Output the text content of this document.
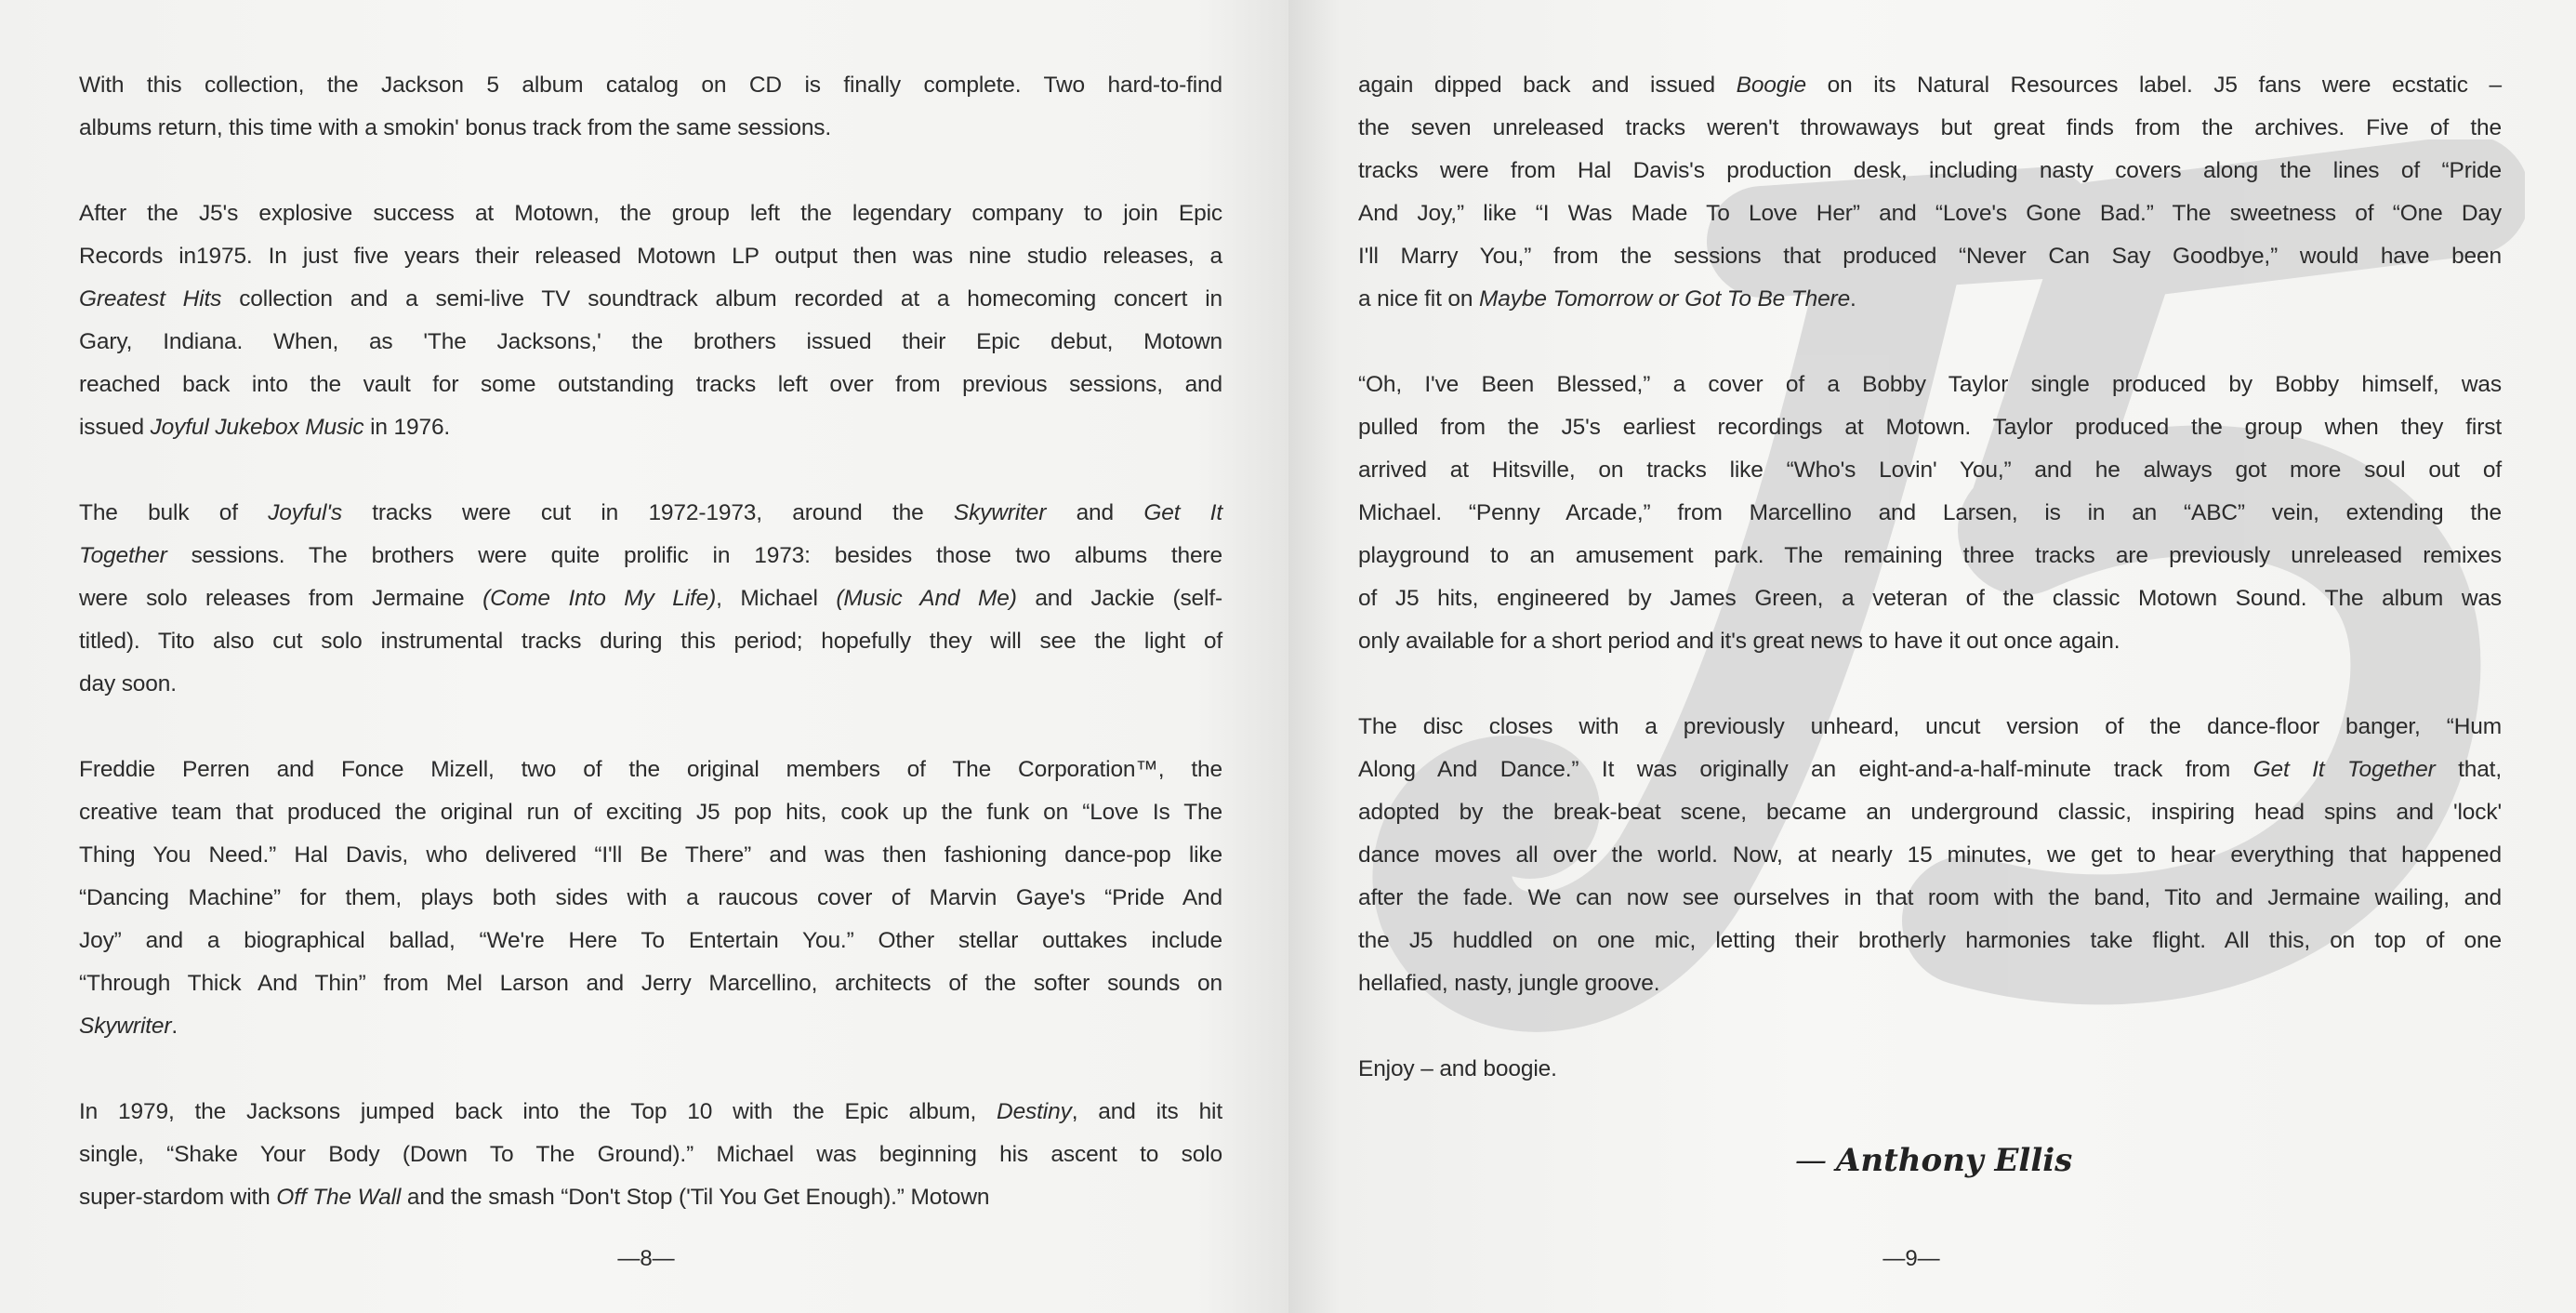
With this collection, the Jackson 5 album catalog on CD is finally complete. Two hard-to-find
albums return, this time with a smokin' bonus track from the same sessions.
After the J5's explosive success at Motown, the group left the legendary company to join Epic
Records in1975. In just five years their released Motown LP output then was nine studio releases, a
Greatest Hits collection and a semi-live TV soundtrack album recorded at a homecoming concert in
Gary, Indiana. When, as 'The Jacksons,' the brothers issued their Epic debut, Motown
reached back into the vault for some outstanding tracks left over from previous sessions, and
issued Joyful Jukebox Music in 1976.
The bulk of Joyful's tracks were cut in 1972-1973, around the Skywriter and Get It
Together sessions. The brothers were quite prolific in 1973: besides those two albums there
were solo releases from Jermaine (Come Into My Life), Michael (Music And Me) and Jackie (self-
titled). Tito also cut solo instrumental tracks during this period; hopefully they will see the light of
day soon.
Freddie Perren and Fonce Mizell, two of the original members of The Corporation™, the
creative team that produced the original run of exciting J5 pop hits, cook up the funk on “Love Is The
Thing You Need.” Hal Davis, who delivered “I'll Be There” and was then fashioning dance-pop like
“Dancing Machine” for them, plays both sides with a raucous cover of Marvin Gaye's “Pride And
Joy” and a biographical ballad, “We're Here To Entertain You.” Other stellar outtakes include
“Through Thick And Thin” from Mel Larson and Jerry Marcellino, architects of the softer sounds on
Skywriter.
In 1979, the Jacksons jumped back into the Top 10 with the Epic album, Destiny, and its hit
single, “Shake Your Body (Down To The Ground).” Michael was beginning his ascent to solo
super-stardom with Off The Wall and the smash “Don't Stop ('Til You Get Enough).” Motown
—8—
again dipped back and issued Boogie on its Natural Resources label. J5 fans were ecstatic –
the seven unreleased tracks weren't throwaways but great finds from the archives. Five of the
tracks were from Hal Davis's production desk, including nasty covers along the lines of “Pride
And Joy,” like “I Was Made To Love Her” and “Love's Gone Bad.” The sweetness of “One Day
I'll Marry You,” from the sessions that produced “Never Can Say Goodbye,” would have been
a nice fit on Maybe Tomorrow or Got To Be There.
“Oh, I've Been Blessed,” a cover of a Bobby Taylor single produced by Bobby himself, was
pulled from the J5's earliest recordings at Motown. Taylor produced the group when they first
arrived at Hitsville, on tracks like “Who's Lovin' You,” and he always got more soul out of
Michael. “Penny Arcade,” from Marcellino and Larsen, is in an “ABC” vein, extending the
playground to an amusement park. The remaining three tracks are previously unreleased remixes
of J5 hits, engineered by James Green, a veteran of the classic Motown Sound. The album was
only available for a short period and it's great news to have it out once again.
The disc closes with a previously unheard, uncut version of the dance-floor banger, “Hum
Along And Dance.” It was originally an eight-and-a-half-minute track from Get It Together that,
adopted by the break-beat scene, became an underground classic, inspiring head spins and 'lock'
dance moves all over the world. Now, at nearly 15 minutes, we get to hear everything that happened
after the fade. We can now see ourselves in that room with the band, Tito and Jermaine wailing, and
the J5 huddled on one mic, letting their brotherly harmonies take flight. All this, on top of one
hellafied, nasty, jungle groove.
Enjoy – and boogie.
— Anthony Ellis
—9—
